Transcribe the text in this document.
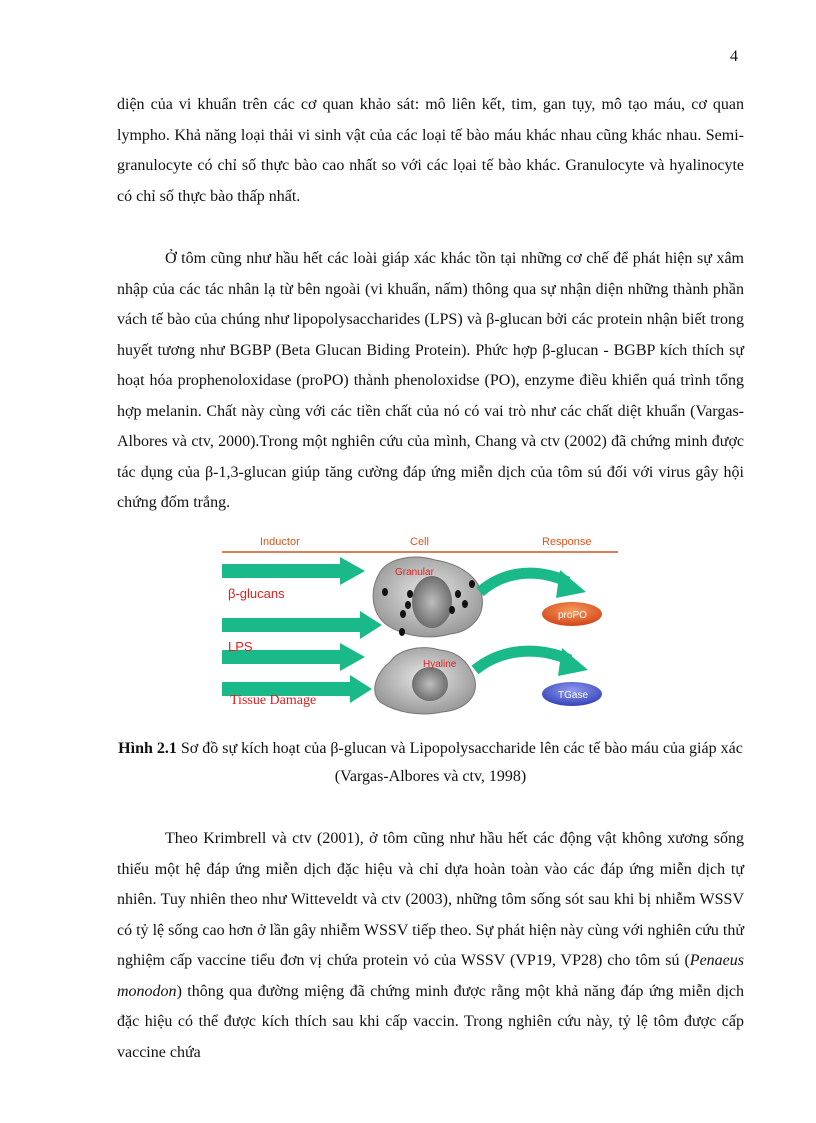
4

diện của vi khuẩn trên các cơ quan khảo sát: mô liên kết, tim, gan tụy, mô tạo máu, cơ quan lympho. Khả năng loại thải vi sinh vật của các loại tế bào máu khác nhau cũng khác nhau. Semi-granulocyte có chỉ số thực bào cao nhất so với các lọai tế bào khác. Granulocyte và hyalinocyte có chỉ số thực bào thấp nhất.

Ở tôm cũng như hầu hết các loài giáp xác khác tồn tại những cơ chế để phát hiện sự xâm nhập của các tác nhân lạ từ bên ngoài (vi khuẩn, nấm) thông qua sự nhận diện những thành phần vách tế bào của chúng như lipopolysaccharides (LPS) và β-glucan bởi các protein nhận biết trong huyết tương như BGBP (Beta Glucan Biding Protein). Phức hợp β-glucan - BGBP kích thích sự hoạt hóa prophenoloxidase (proPO) thành phenoloxidse (PO), enzyme điều khiển quá trình tổng hợp melanin. Chất này cùng với các tiền chất của nó có vai trò như các chất diệt khuẩn (Vargas-Albores và ctv, 2000).Trong một nghiên cứu của mình, Chang và ctv (2002) đã chứng minh được tác dụng của β-1,3-glucan giúp tăng cường đáp ứng miễn dịch của tôm sú đối với virus gây hội chứng đốm trắng.

Inductor	Cell	Response
β-glucans
LPS
Tissue Damage
Granular
Hyaline
proPO
TGase

Hình 2.1 Sơ đồ sự kích hoạt của β-glucan và Lipopolysaccharide lên các tế bào máu của giáp xác (Vargas-Albores và ctv, 1998)

Theo Krimbrell và ctv (2001), ở tôm cũng như hầu hết các động vật không xương sống thiếu một hệ đáp ứng miễn dịch đặc hiệu và chỉ dựa hoàn toàn vào các đáp ứng miễn dịch tự nhiên. Tuy nhiên theo như Witteveldt và ctv (2003), những tôm sống sót sau khi bị nhiễm WSSV có tỷ lệ sống cao hơn ở lần gây nhiễm WSSV tiếp theo. Sự phát hiện này cùng với nghiên cứu thử nghiệm cấp vaccine tiểu đơn vị chứa protein vỏ của WSSV (VP19, VP28) cho tôm sú (Penaeus monodon) thông qua đường miệng đã chứng minh được rằng một khả năng đáp ứng miễn dịch đặc hiệu có thể được kích thích sau khi cấp vaccin. Trong nghiên cứu này, tỷ lệ tôm được cấp vaccine chứa
